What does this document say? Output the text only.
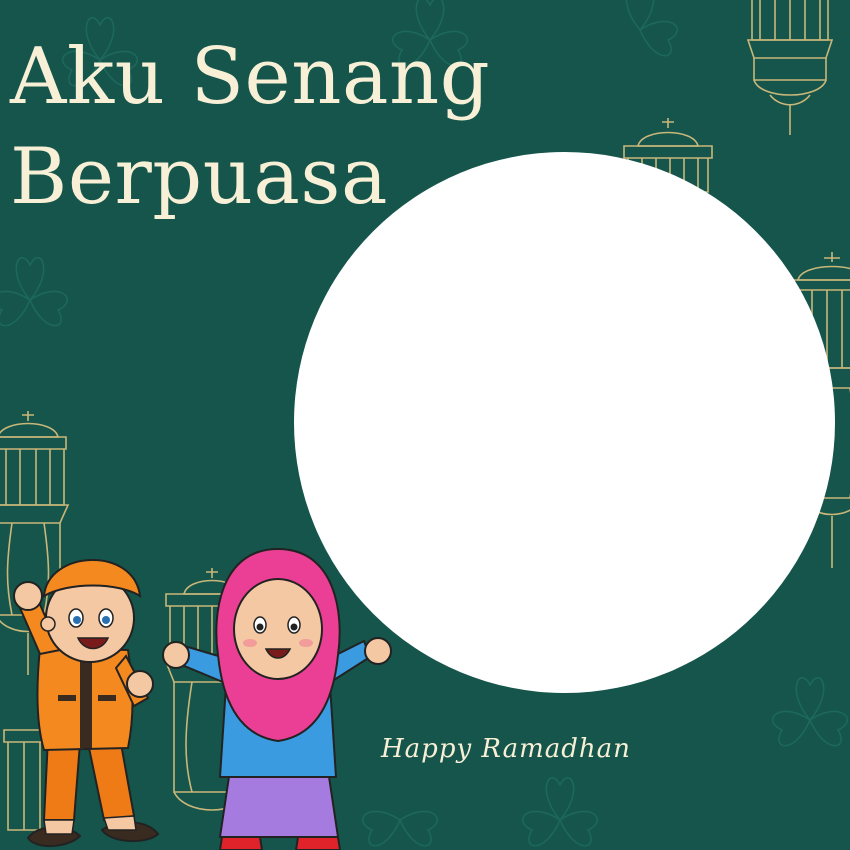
Aku Senang
Berpuasa
Happy Ramadhan
